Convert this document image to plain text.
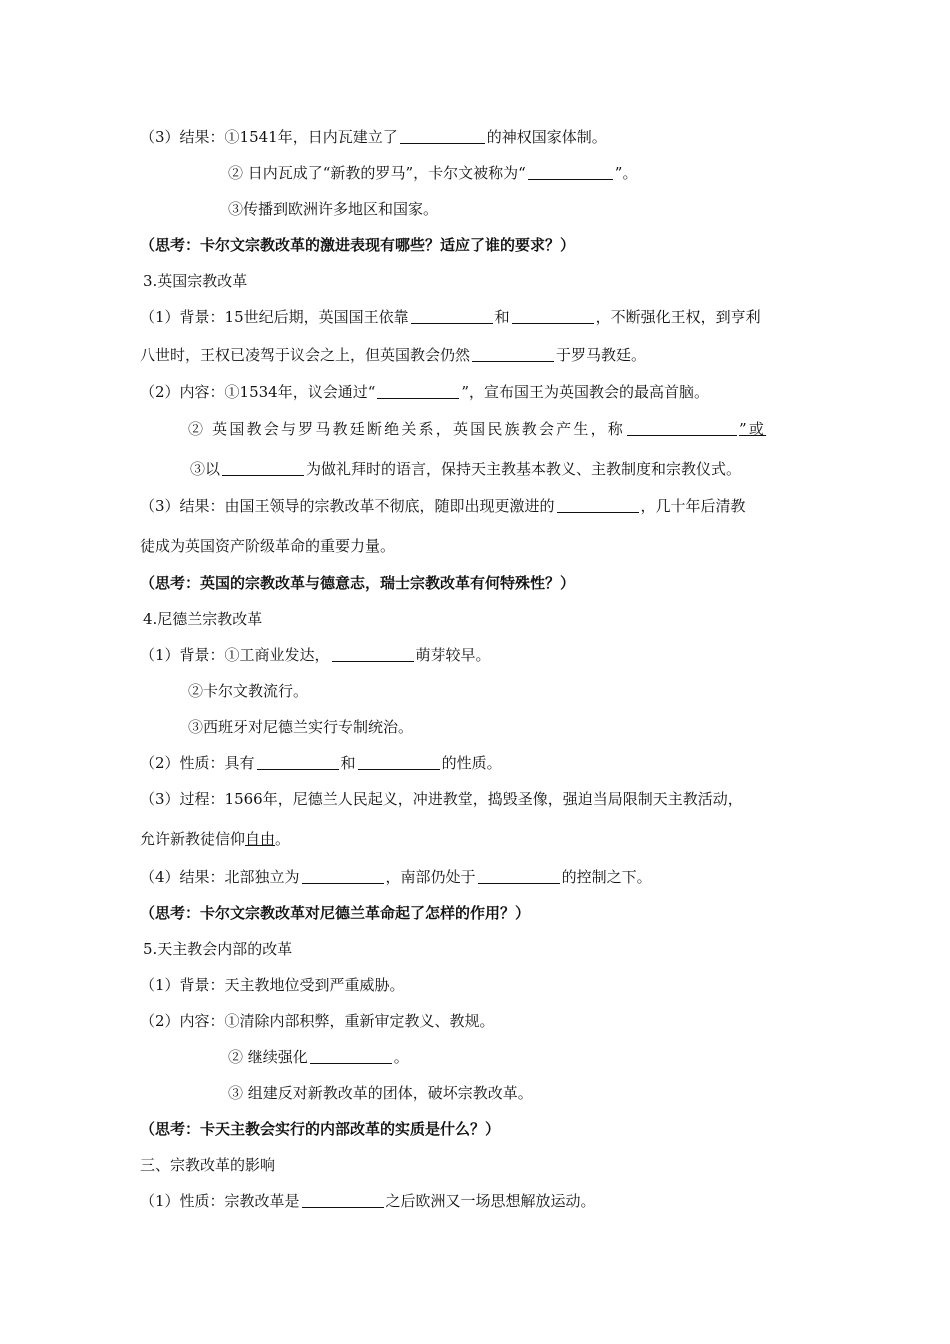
（3）结果：①1541年，日内瓦建立了	的神权国家体制。
② 日内瓦成了“新教的罗马”，卡尔文被称为“	”。
③传播到欧洲许多地区和国家。
（思考：卡尔文宗教改革的激进表现有哪些？适应了谁的要求？）
3.英国宗教改革
（1）背景：15世纪后期，英国国王依靠	和	，不断强化王权，到亨利
八世时，王权已凌驾于议会之上，但英国教会仍然	于罗马教廷。
（2）内容：①1534年，议会通过“	”，宣布国王为英国教会的最高首脑。
② 英国教会与罗马教廷断绝关系，英国民族教会产生，称	”或
③以	为做礼拜时的语言，保持天主教基本教义、主教制度和宗教仪式。
（3）结果：由国王领导的宗教改革不彻底，随即出现更激进的	，几十年后清教
徒成为英国资产阶级革命的重要力量。
（思考：英国的宗教改革与德意志，瑞士宗教改革有何特殊性？）
4.尼德兰宗教改革
（1）背景：①工商业发达，	萌芽较早。
②卡尔文教流行。
③西班牙对尼德兰实行专制统治。
（2）性质：具有	和	的性质。
（3）过程：1566年，尼德兰人民起义，冲进教堂，捣毁圣像，强迫当局限制天主教活动，
允许新教徒信仰自由。
（4）结果：北部独立为	，南部仍处于	的控制之下。
（思考：卡尔文宗教改革对尼德兰革命起了怎样的作用？）
5.天主教会内部的改革
（1）背景：天主教地位受到严重威胁。
（2）内容：①清除内部积弊，重新审定教义、教规。
② 继续强化	。
③ 组建反对新教改革的团体，破坏宗教改革。
（思考：卡天主教会实行的内部改革的实质是什么？）
三、宗教改革的影响
（1）性质：宗教改革是	之后欧洲又一场思想解放运动。
